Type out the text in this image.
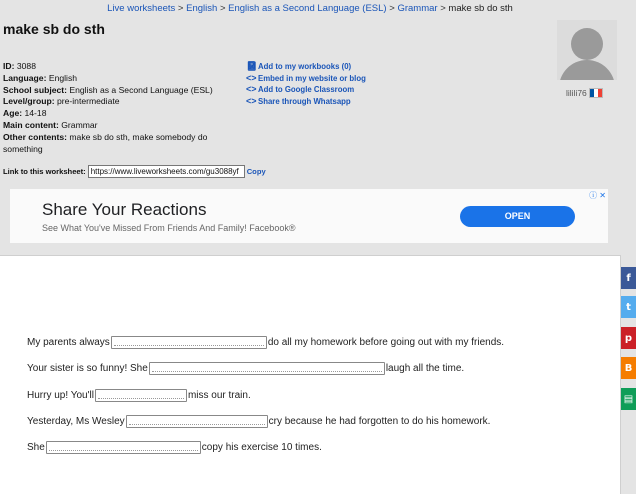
Live worksheets > English > English as a Second Language (ESL) > Grammar > make sb do sth
make sb do sth
ID: 3088
Language: English
School subject: English as a Second Language (ESL)
Level/group: pre-intermediate
Age: 14-18
Main content: Grammar
Other contents: make sb do sth, make somebody do something
📓︎ Add to my workbooks (0)
<> Embed in my website or blog
<> Add to Google Classroom
<> Share through Whatsapp
lilili76
Link to this worksheet:
https://www.liveworksheets.com/gu3088yf	Copy
ⓘ ✕
Share Your Reactions
See What You've Missed From Friends And Family! Facebook®
OPEN
My parents always	do all my homework before going out with my friends.
Your sister is so funny! She	laugh all the time.
Hurry up! You'll	miss our train.
Yesterday, Ms Wesley	cry because he had forgotten to do his homework.
She	copy his exercise 10 times.
f
t
p
B
▤
